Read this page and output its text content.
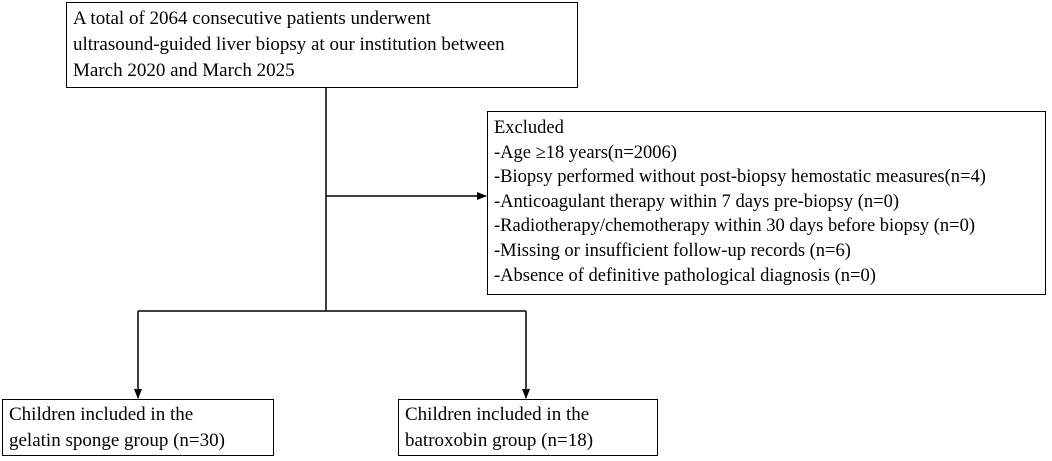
A total of 2064 consecutive patients underwent
ultrasound-guided liver biopsy at our institution between
March 2020 and March 2025
Excluded
-Age ≥18 years(n=2006)
-Biopsy performed without post-biopsy hemostatic measures(n=4)
-Anticoagulant therapy within 7 days pre-biopsy (n=0)
-Radiotherapy/chemotherapy within 30 days before biopsy (n=0)
-Missing or insufficient follow-up records (n=6)
-Absence of definitive pathological diagnosis (n=0)
Children included in the
gelatin sponge group (n=30)
Children included in the
batroxobin group (n=18)
